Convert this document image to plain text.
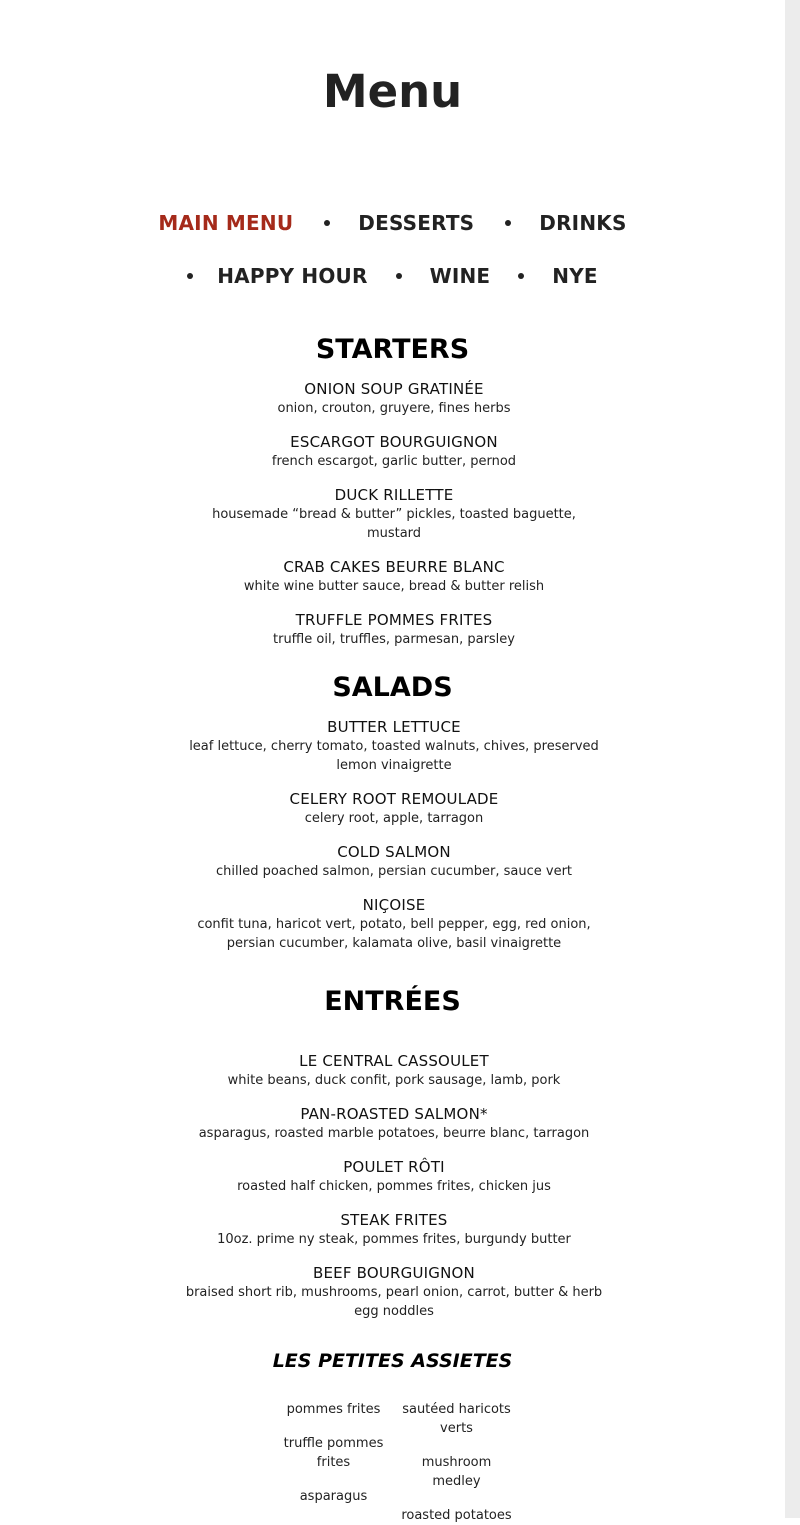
Menu
MAIN MENU	DESSERTS	DRINKS
HAPPY HOUR	WINE	NYE
STARTERS
ONION SOUP GRATINÉE
onion, crouton, gruyere, fines herbs
ESCARGOT BOURGUIGNON
french escargot, garlic butter, pernod
DUCK RILLETTE
housemade “bread & butter” pickles, toasted baguette, mustard
CRAB CAKES BEURRE BLANC
white wine butter sauce, bread & butter relish
TRUFFLE POMMES FRITES
truffle oil, truffles, parmesan, parsley
SALADS
BUTTER LETTUCE
leaf lettuce, cherry tomato, toasted walnuts, chives, preserved lemon vinaigrette
CELERY ROOT REMOULADE
celery root, apple, tarragon
COLD SALMON
chilled poached salmon, persian cucumber, sauce vert
NIÇOISE
confit tuna, haricot vert, potato, bell pepper, egg, red onion, persian cucumber, kalamata olive, basil vinaigrette
ENTRÉES
LE CENTRAL CASSOULET
white beans, duck confit, pork sausage, lamb, pork
PAN-ROASTED SALMON*
asparagus, roasted marble potatoes, beurre blanc, tarragon
POULET RÔTI
roasted half chicken, pommes frites, chicken jus
STEAK FRITES
10oz. prime ny steak, pommes frites, burgundy butter
BEEF BOURGUIGNON
braised short rib, mushrooms, pearl onion, carrot, butter & herb egg noddles
LES PETITES ASSIETES
pommes frites
truffle pommes frites
asparagus
sautéed haricots verts
mushroom medley
roasted potatoes
